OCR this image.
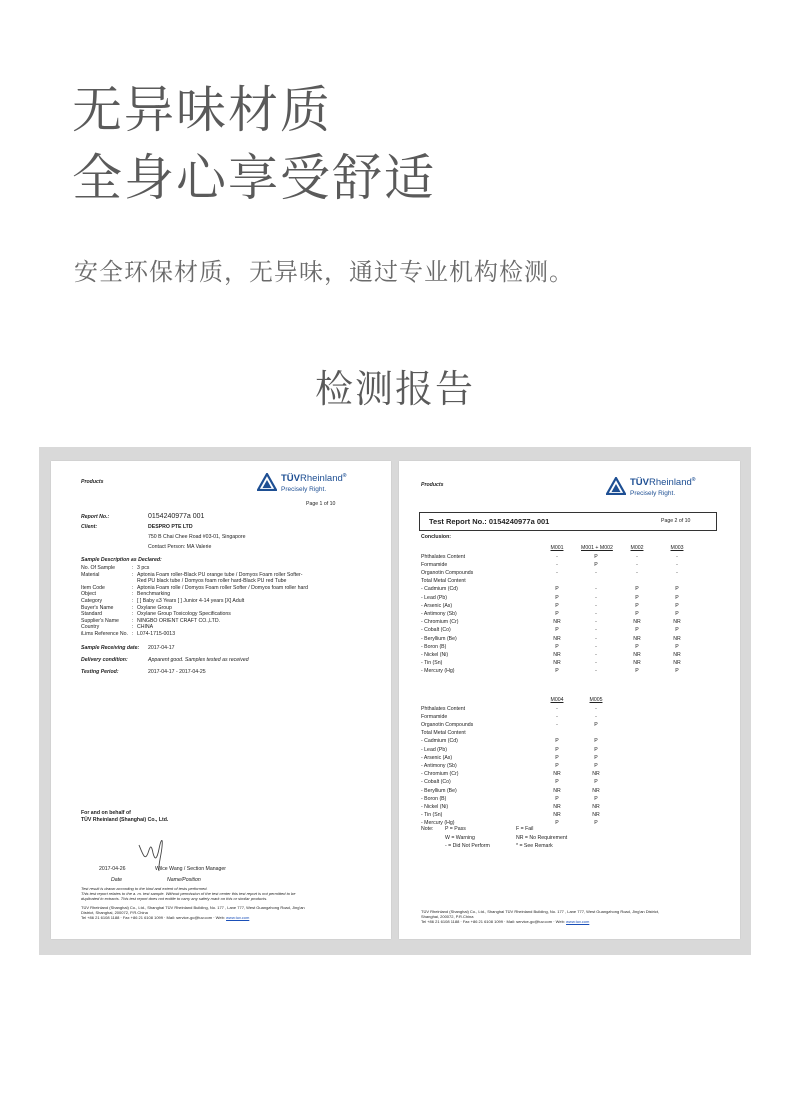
无异味材质
全身心享受舒适
安全环保材质，无异味，通过专业机构检测。
检测报告
Products	TÜVRheinland®
Precisely Right.
Page 1 of 10
Report No.:	0154240977a 001
Client:	DESPRO PTE LTD
750 B Chai Chee Road #03-01, Singapore
Contact Person: MA Valerie
Sample Description as Declared:
No. Of Sample	: 3 pcs
Material	: Aptonia Foam roller-Black PU orange tube / Domyos Foam roller Softer-
Red PU black tube / Domyos foam roller hard-Black PU red Tube
Item Code	: Aptonia Foam rolle / Domyos Foam roller Softer / Domyos foam roller hard
Object	: Benchmarking
Category	: [ ] Baby ≤3 Years [ ] Junior 4-14 years [X] Adult
Buyer's Name	: Oxylane Group
Standard	: Oxylane Group Toxicology Specifications
Supplier's Name	: NINGBO ORIENT CRAFT CO.,LTD.
Country	: CHINA
iLims Reference No. : L074-1715-0013
Sample Receiving date: 2017-04-17
Delivery condition:	Apparent good. Samples tested as received
Testing Period:	2017-04-17 - 2017-04-25
For and on behalf of
TÜV Rheinland (Shanghai) Co., Ltd.
2017-04-26	Wilce Wang / Section Manager
Date	Name/Position
Test result is drawn according to the kind and extent of tests performed.
This test report relates to the a. m. test sample. Without permission of the test center this test report is not permitted to be
duplicated in extracts. This test report does not entitle to carry any safety mark on this or similar products.
TÜV Rheinland (Shanghai) Co., Ltd., Shanghai TÜV Rheinland Building, No. 177 , Lane 777, West Guangzhong Road, Jing'an
District, Shanghai, 200072, P.R.China
Tel +86 21 6108 1188 · Fax +86 21 6108 1099 · Mail: service-gc@tuv.com · Web: www.tuv.com
Products	TÜVRheinland®
Precisely Right.
Test Report No.: 0154240977a 001	Page 2 of 10
Conclusion:
M001	M001 + M002	M002	M003
Phthalates Content	-	P	-	-
Formamide	-	P	-	-
Organotin Compounds	-	-	-	-
Total Metal Content
- Cadmium (Cd)	P	-	P	P
- Lead (Pb)	P	-	P	P
- Arsenic (As)	P	-	P	P
- Antimony (Sb)	P	-	P	P
- Chromium (Cr)	NR	-	NR	NR
- Cobalt (Co)	P	-	P	P
- Beryllium (Be)	NR	-	NR	NR
- Boron (B)	P	-	P	P
- Nickel (Ni)	NR	-	NR	NR
- Tin (Sn)	NR	-	NR	NR
- Mercury (Hg)	P	-	P	P
M004	M005
Phthalates Content	-	-
Formamide	-	-
Organotin Compounds	-	P
Total Metal Content
- Cadmium (Cd)	P	P
- Lead (Pb)	P	P
- Arsenic (As)	P	P
- Antimony (Sb)	P	P
- Chromium (Cr)	NR	NR
- Cobalt (Co)	P	P
- Beryllium (Be)	NR	NR
- Boron (B)	P	P
- Nickel (Ni)	NR	NR
- Tin (Sn)	NR	NR
- Mercury (Hg)	P	P
Note: P = Pass	F = Fail
W = Warning	NR = No Requirement
- = Did Not Perform	* = See Remark
TÜV Rheinland (Shanghai) Co., Ltd., Shanghai TÜV Rheinland Building, No. 177 , Lane 777, West Guangzhong Road, Jing'an District,
Shanghai, 200072, P.R.China
Tel +86 21 6108 1188 · Fax +86 21 6108 1099 · Mail: service-gc@tuv.com · Web: www.tuv.com
